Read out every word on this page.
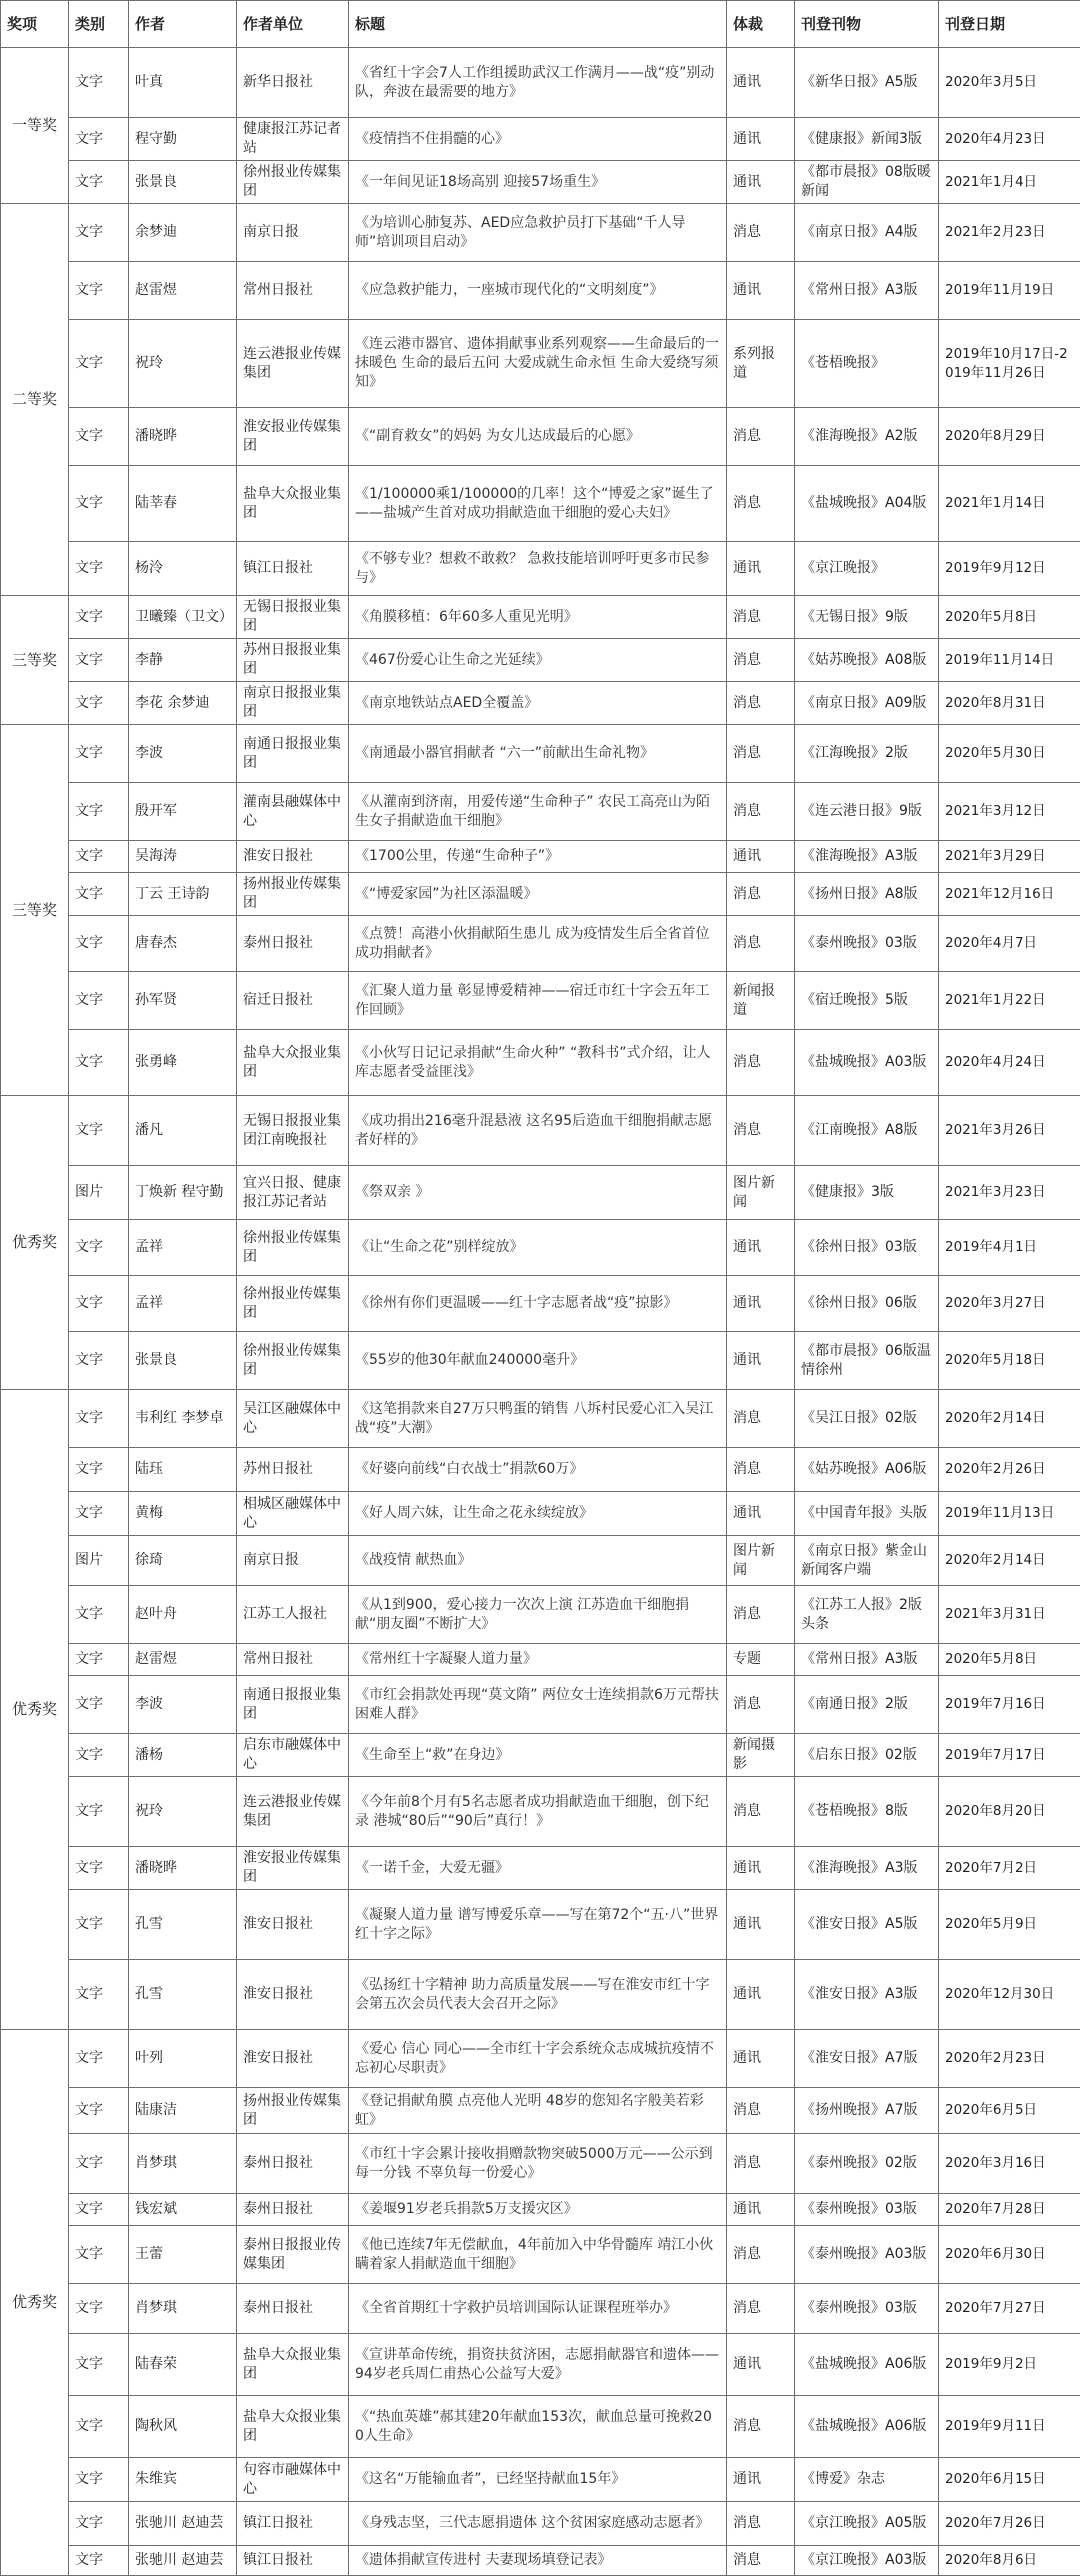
奖项	类别	作者	作者单位	标题	体裁	刊登刊物	刊登日期
一等奖	文字	叶真	新华日报社	《省红十字会7人工作组援助武汉工作满月——战“疫”别动队，奔波在最需要的地方》	通讯	《新华日报》A5版	2020年3月5日
	文字	程守勤	健康报江苏记者站	《疫情挡不住捐髓的心》	通讯	《健康报》新闻3版	2020年4月23日
	文字	张景良	徐州报业传媒集团	《一年间见证18场高别 迎接57场重生》	通讯	《都市晨报》08版暖新闻	2021年1月4日
二等奖	文字	余梦迪	南京日报	《为培训心肺复苏、AED应急救护员打下基础“千人导师”培训项目启动》	消息	《南京日报》A4版	2021年2月23日
	文字	赵雷煜	常州日报社	《应急救护能力，一座城市现代化的“文明刻度”》	通讯	《常州日报》A3版	2019年11月19日
	文字	祝玲	连云港报业传媒集团	《连云港市器官、遗体捐献事业系列观察——生命最后的一抹暖色 生命的最后五问 大爱成就生命永恒 生命大爱绕写须知》	系列报道	《苍梧晚报》	2019年10月17日-2019年11月26日
	文字	潘晓晔	淮安报业传媒集团	《“副育救女”的妈妈 为女儿达成最后的心愿》	消息	《淮海晚报》A2版	2020年8月29日
	文字	陆莘春	盐阜大众报业集团	《1/100000乘1/100000的几率！这个“博爱之家”诞生了——盐城产生首对成功捐献造血干细胞的爱心夫妇》	消息	《盐城晚报》A04版	2021年1月14日
	文字	杨泠	镇江日报社	《不够专业？想救不敢救？ 急救技能培训呼吁更多市民参与》	通讯	《京江晚报》	2019年9月12日
三等奖	文字	卫曦臻（卫文）	无锡日报报业集团	《角膜移植：6年60多人重见光明》	消息	《无锡日报》9版	2020年5月8日
	文字	李静	苏州日报报业集团	《467份爱心让生命之光延续》	消息	《姑苏晚报》A08版	2019年11月14日
	文字	李花 余梦迪	南京日报报业集团	《南京地铁站点AED全覆盖》	消息	《南京日报》A09版	2020年8月31日
三等奖	文字	李波	南通日报报业集团	《南通最小器官捐献者 “六一”前献出生命礼物》	消息	《江海晚报》2版	2020年5月30日
	文字	殷开军	灌南县融媒体中心	《从灌南到济南，用爱传递“生命种子” 农民工高亮山为陌生女子捐献造血干细胞》	消息	《连云港日报》9版	2021年3月12日
	文字	吴海涛	淮安日报社	《1700公里，传递“生命种子”》	通讯	《淮海晚报》A3版	2021年3月29日
	文字	丁云 王诗韵	扬州报业传媒集团	《“博爱家园”为社区添温暖》	消息	《扬州日报》A8版	2021年12月16日
	文字	唐春杰	泰州日报社	《点赞！高港小伙捐献陌生患儿 成为疫情发生后全省首位成功捐献者》	消息	《泰州晚报》03版	2020年4月7日
	文字	孙军贤	宿迁日报社	《汇聚人道力量 彰显博爱精神——宿迁市红十字会五年工作回顾》	新闻报道	《宿迁晚报》5版	2021年1月22日
	文字	张勇峰	盐阜大众报业集团	《小伙写日记记录捐献“生命火种” “教科书”式介绍，让人库志愿者受益匪浅》	消息	《盐城晚报》A03版	2020年4月24日
优秀奖	文字	潘凡	无锡日报报业集团江南晚报社	《成功捐出216毫升混悬液 这名95后造血干细胞捐献志愿者好样的》	消息	《江南晚报》A8版	2021年3月26日
	图片	丁焕新 程守勤	宜兴日报、健康报江苏记者站	《祭双亲 》	图片新闻	《健康报》3版	2021年3月23日
	文字	孟祥	徐州报业传媒集团	《让“生命之花”别样绽放》	通讯	《徐州日报》03版	2019年4月1日
	文字	孟祥	徐州报业传媒集团	《徐州有你们更温暖——红十字志愿者战“疫”掠影》	通讯	《徐州日报》06版	2020年3月27日
	文字	张景良	徐州报业传媒集团	《55岁的他30年献血240000毫升》	通讯	《都市晨报》06版温情徐州	2020年5月18日
优秀奖	文字	韦利红 李梦卓	吴江区融媒体中心	《这笔捐款来自27万只鸭蛋的销售 八坼村民爱心汇入吴江战“疫”大潮》	消息	《吴江日报》02版	2020年2月14日
	文字	陆珏	苏州日报社	《好婆向前线“白衣战士”捐款60万》	消息	《姑苏晚报》A06版	2020年2月26日
	文字	黄梅	相城区融媒体中心	《好人周六妹，让生命之花永续绽放》	通讯	《中国青年报》头版	2019年11月13日
	图片	徐琦	南京日报	《战疫情 献热血》	图片新闻	《南京日报》紫金山新闻客户端	2020年2月14日
	文字	赵叶舟	江苏工人报社	《从1到900，爱心接力一次次上演 江苏造血干细胞捐献“朋友圈”不断扩大》	消息	《江苏工人报》2版头条	2021年3月31日
	文字	赵雷煜	常州日报社	《常州红十字凝聚人道力量》	专题	《常州日报》A3版	2020年5月8日
	文字	李波	南通日报报业集团	《市红会捐款处再现“莫文隋” 两位女士连续捐款6万元帮扶困难人群》	消息	《南通日报》2版	2019年7月16日
	文字	潘杨	启东市融媒体中心	《生命至上“救”在身边》	新闻摄影	《启东日报》02版	2019年7月17日
	文字	祝玲	连云港报业传媒集团	《今年前8个月有5名志愿者成功捐献造血干细胞，创下纪录 港城“80后”“90后”真行！》	消息	《苍梧晚报》8版	2020年8月20日
	文字	潘晓晔	淮安报业传媒集团	《一诺千金，大爱无疆》	通讯	《淮海晚报》A3版	2020年7月2日
	文字	孔雪	淮安日报社	《凝聚人道力量 谱写博爱乐章——写在第72个“五·八”世界红十字之际》	通讯	《淮安日报》A5版	2020年5月9日
	文字	孔雪	淮安日报社	《弘扬红十字精神 助力高质量发展——写在淮安市红十字会第五次会员代表大会召开之际》	通讯	《淮安日报》A3版	2020年12月30日
优秀奖	文字	叶列	淮安日报社	《爱心 信心 同心——全市红十字会系统众志成城抗疫情不忘初心尽职责》	通讯	《淮安日报》A7版	2020年2月23日
	文字	陆康洁	扬州报业传媒集团	《登记捐献角膜 点亮他人光明 48岁的您知名字般美若彩虹》	消息	《扬州晚报》A7版	2020年6月5日
	文字	肖梦琪	泰州日报社	《市红十字会累计接收捐赠款物突破5000万元——公示到每一分钱 不辜负每一份爱心》	消息	《泰州晚报》02版	2020年3月16日
	文字	钱宏斌	泰州日报社	《姜堰91岁老兵捐款5万支援灾区》	通讯	《泰州晚报》03版	2020年7月28日
	文字	王蕾	泰州日报报业传媒集团	《他已连续7年无偿献血，4年前加入中华骨髓库 靖江小伙瞒着家人捐献造血干细胞》	消息	《泰州晚报》A03版	2020年6月30日
	文字	肖梦琪	泰州日报社	《全省首期红十字救护员培训国际认证课程班举办》	消息	《泰州晚报》03版	2020年7月27日
	文字	陆春荣	盐阜大众报业集团	《宣讲革命传统，捐资扶贫济困，志愿捐献器官和遗体——94岁老兵周仁甫热心公益写大爱》	通讯	《盐城晚报》A06版	2019年9月2日
	文字	陶秋风	盐阜大众报业集团	《“热血英雄”郝其建20年献血153次，献血总量可挽救200人生命》	消息	《盐城晚报》A06版	2019年9月11日
	文字	朱维宾	句容市融媒体中心	《这名“万能输血者”，已经坚持献血15年》	通讯	《博爱》杂志	2020年6月15日
	文字	张驰川 赵迪芸	镇江日报社	《身残志坚，三代志愿捐遗体 这个贫困家庭感动志愿者》	消息	《京江晚报》A05版	2020年7月26日
	文字	张驰川 赵迪芸	镇江日报社	《遗体捐献宣传进村 夫妻现场填登记表》	消息	《京江晚报》A03版	2020年8月6日
